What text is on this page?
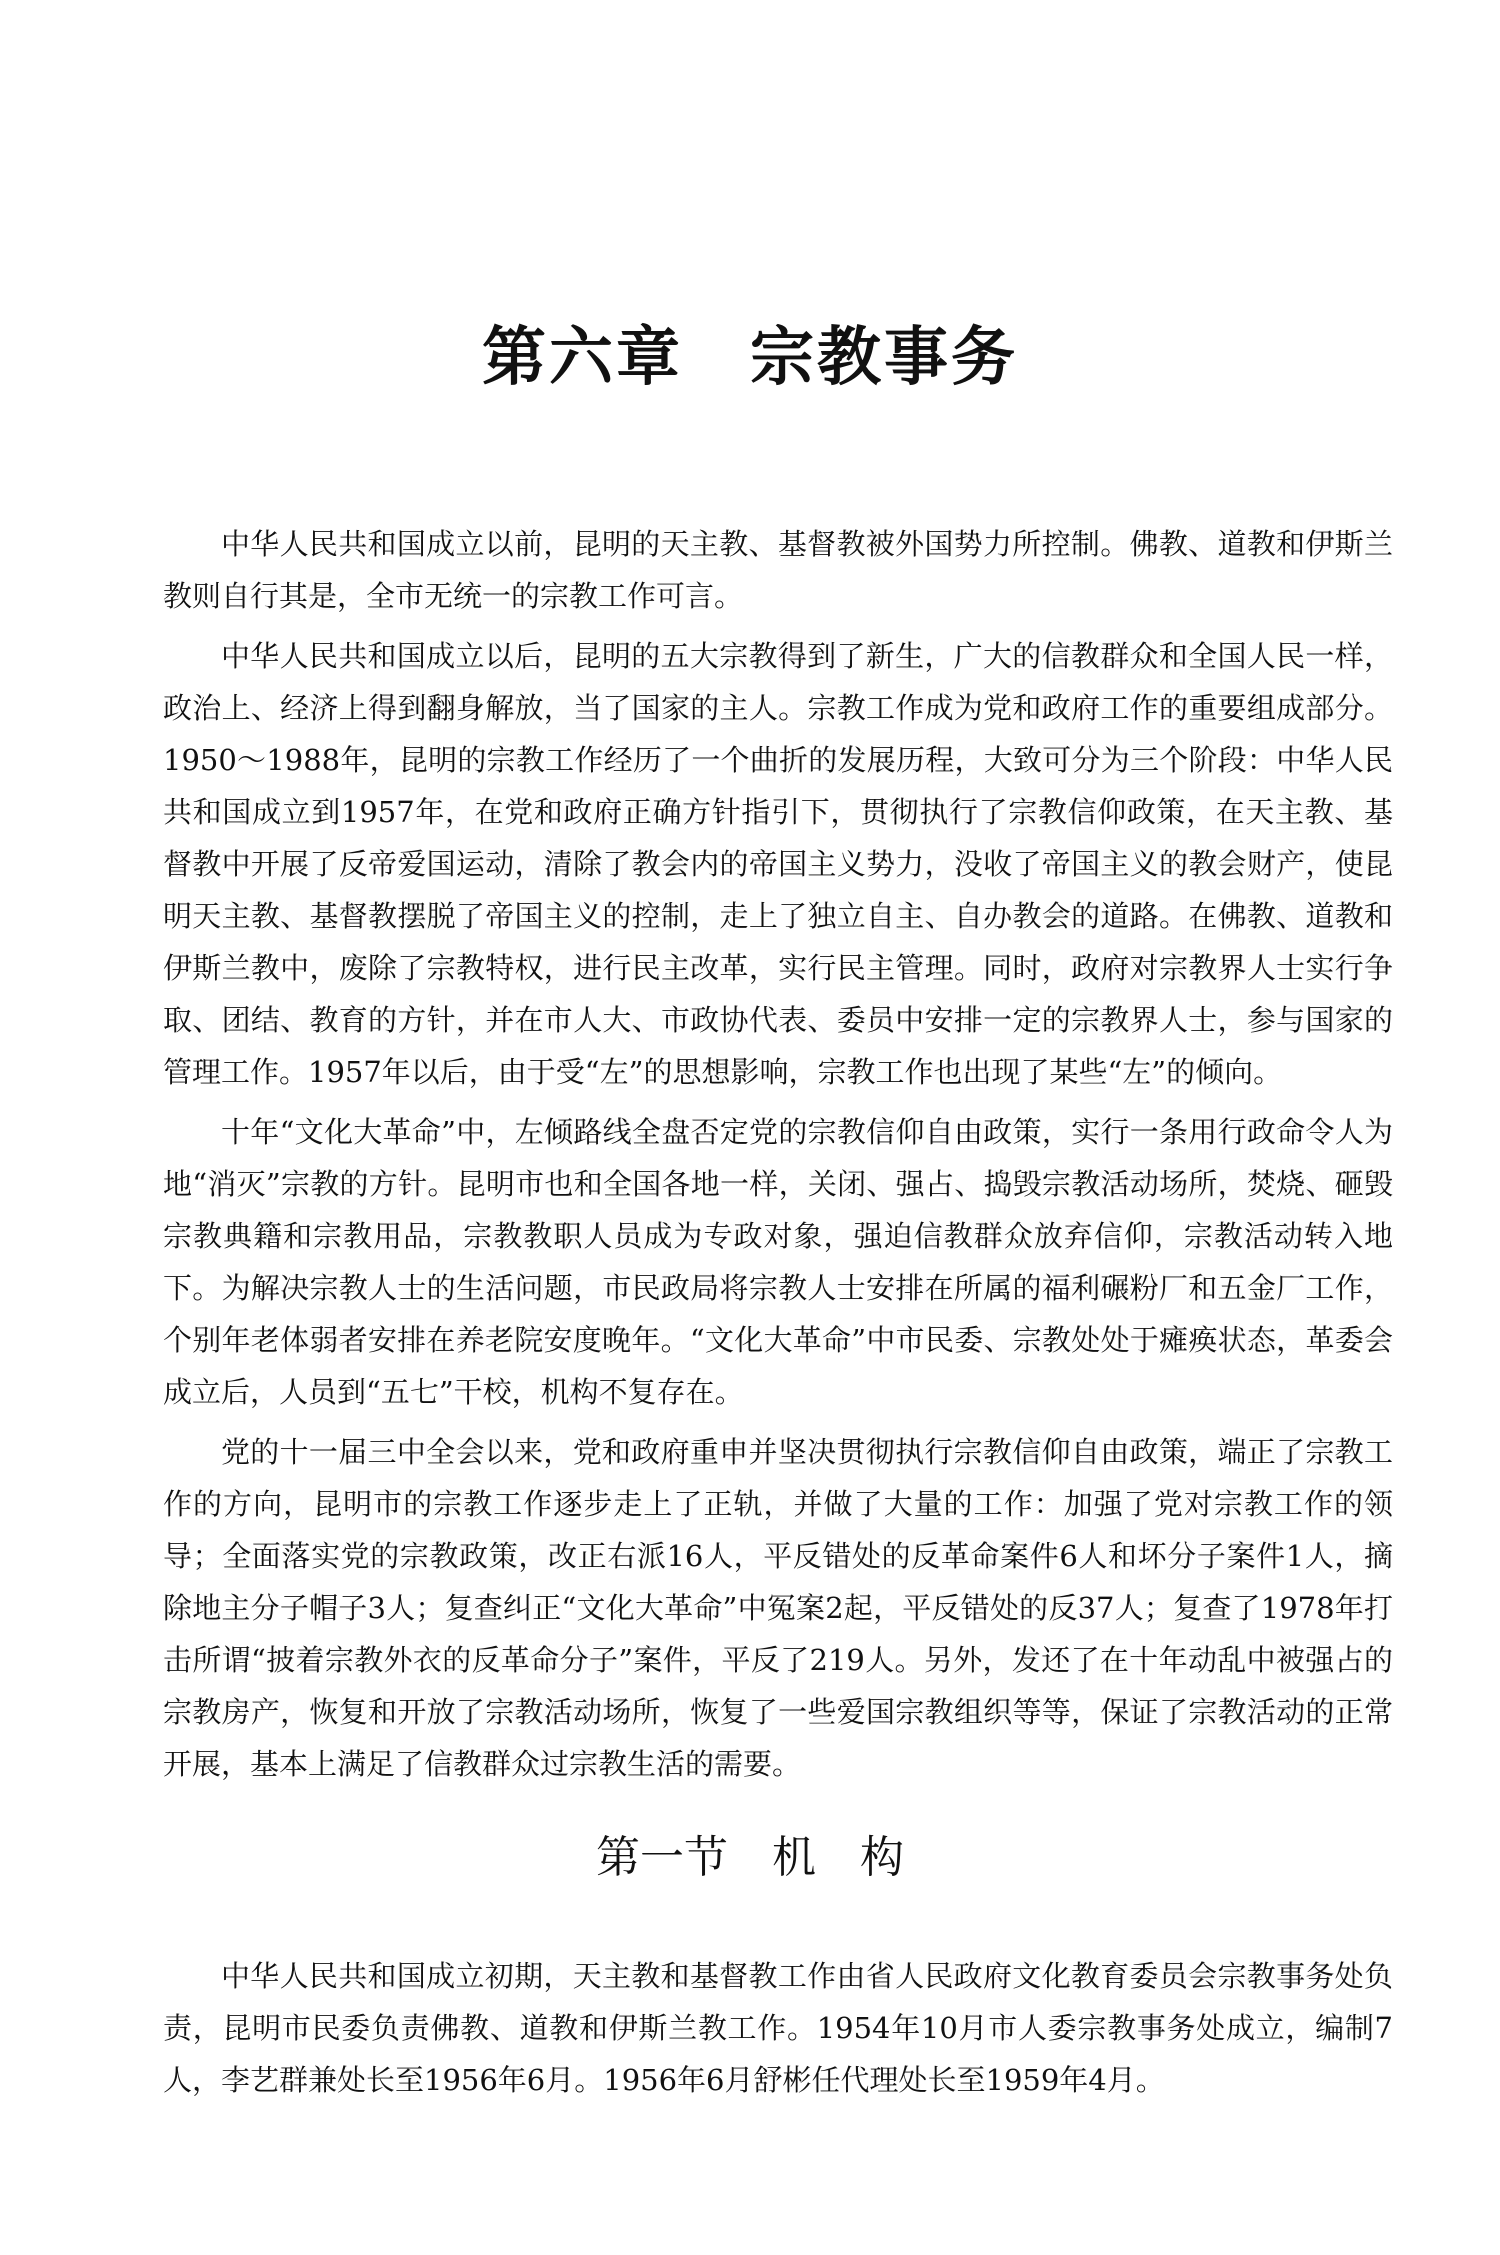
第六章　宗教事务

中华人民共和国成立以前，昆明的天主教、基督教被外国势力所控制。佛教、道教和伊斯兰教则自行其是，全市无统一的宗教工作可言。

中华人民共和国成立以后，昆明的五大宗教得到了新生，广大的信教群众和全国人民一样，政治上、经济上得到翻身解放，当了国家的主人。宗教工作成为党和政府工作的重要组成部分。1950～1988年，昆明的宗教工作经历了一个曲折的发展历程，大致可分为三个阶段：中华人民共和国成立到1957年，在党和政府正确方针指引下，贯彻执行了宗教信仰政策，在天主教、基督教中开展了反帝爱国运动，清除了教会内的帝国主义势力，没收了帝国主义的教会财产，使昆明天主教、基督教摆脱了帝国主义的控制，走上了独立自主、自办教会的道路。在佛教、道教和伊斯兰教中，废除了宗教特权，进行民主改革，实行民主管理。同时，政府对宗教界人士实行争取、团结、教育的方针，并在市人大、市政协代表、委员中安排一定的宗教界人士，参与国家的管理工作。1957年以后，由于受“左”的思想影响，宗教工作也出现了某些“左”的倾向。

十年“文化大革命”中，左倾路线全盘否定党的宗教信仰自由政策，实行一条用行政命令人为地“消灭”宗教的方针。昆明市也和全国各地一样，关闭、强占、捣毁宗教活动场所，焚烧、砸毁宗教典籍和宗教用品，宗教教职人员成为专政对象，强迫信教群众放弃信仰，宗教活动转入地下。为解决宗教人士的生活问题，市民政局将宗教人士安排在所属的福利碾粉厂和五金厂工作，个别年老体弱者安排在养老院安度晚年。“文化大革命”中市民委、宗教处处于瘫痪状态，革委会成立后，人员到“五七”干校，机构不复存在。

党的十一届三中全会以来，党和政府重申并坚决贯彻执行宗教信仰自由政策，端正了宗教工作的方向，昆明市的宗教工作逐步走上了正轨，并做了大量的工作：加强了党对宗教工作的领导；全面落实党的宗教政策，改正右派16人，平反错处的反革命案件6人和坏分子案件1人，摘除地主分子帽子3人；复查纠正“文化大革命”中冤案2起，平反错处的反37人；复查了1978年打击所谓“披着宗教外衣的反革命分子”案件，平反了219人。另外，发还了在十年动乱中被强占的宗教房产，恢复和开放了宗教活动场所，恢复了一些爱国宗教组织等等，保证了宗教活动的正常开展，基本上满足了信教群众过宗教生活的需要。

第一节　机　构

中华人民共和国成立初期，天主教和基督教工作由省人民政府文化教育委员会宗教事务处负责，昆明市民委负责佛教、道教和伊斯兰教工作。1954年10月市人委宗教事务处成立，编制7人，李艺群兼处长至1956年6月。1956年6月舒彬任代理处长至1959年4月。
